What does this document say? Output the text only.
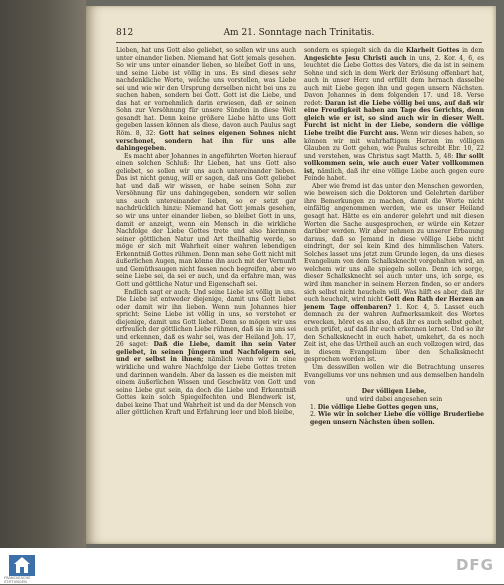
812	Am 21. Sonntage nach Trinitatis.

Lieben, hat uns Gott also geliebet, so sollen wir uns auch unter einander lieben. Niemand hat Gott jemals gesehen. So wir uns unter einander lieben, so bleibet Gott in uns, und seine Liebe ist völlig in uns. Es sind dieses sehr nachdenkliche Worte, welche uns vorstellen, was Liebe sei und wie wir den Ursprung derselben nicht bei uns zu suchen haben, sondern bei Gott. Gott ist die Liebe, und das hat er vornehmlich darin erwiesen, daß er seinen Sohn zur Versöhnung für unsere Sünden in diese Welt gesandt hat. Denn keine größere Liebe hätte uns Gott gegeben lassen können als diese, davon auch Paulus sagt Röm. 8, 32: Gott hat seines eigenen Sohnes nicht verschonet, sondern hat ihn für uns alle dahingegeben.

Es macht aber Johannes in angeführten Worten hierauf einen solchen Schluß: Ihr Lieben, hat uns Gott also geliebet, so sollen wir uns auch untereinander lieben. Das ist nicht genug, will er sagen, daß uns Gott geliebet hat und daß wir wissen, er habe seinen Sohn zur Versöhnung für uns dahingegeben, sondern wir sollen uns auch untereinander lieben, so er setzt gar nachdrücklich hinzu: Niemand hat Gott jemals gesehen, so wir uns unter einander lieben, so bleibet Gott in uns, damit er anzeigt, wenn ein Mensch in die wirkliche Nachfolge der Liebe Gottes trete und also hierinnen seiner göttlichen Natur und Art theilhaftig werde, so möge er sich mit Wahrheit einer wahren lebendigen Erkenntniß Gottes rühmen. Denn man sehe Gott nicht mit äußerlichen Augen, man könne ihn auch mit der Vernunft und Gemüthsaugen nicht fassen noch begreifen, aber wo seine Liebe sei, da sei er auch, und da erfahre man, was Gott und göttliche Natur und Eigenschaft sei.

Endlich sagt er auch: Und seine Liebe ist völlig in uns. Die Liebe ist entweder diejenige, damit uns Gott liebet oder damit wir ihn lieben. Wenn nun Johannes hier spricht: Seine Liebe ist völlig in uns, so verstehet er diejenige, damit uns Gott liebet. Denn so mögen wir uns erfreulich der göttlichen Liebe rühmen, daß sie in uns sei und erkennen, daß es wahr sei, was der Heiland Joh. 17, 26 saget: Daß die Liebe, damit ihn sein Vater geliebet, in seinen Jüngern und Nachfolgern sei, und er selbst in ihnen; nämlich wenn wir in eine wirkliche und wahre Nachfolge der Liebe Gottes treten und darinnen wandeln. Aber da lassen es die meisten mit einem äußerlichen Wissen und Geschwätz von Gott und seine Liebe gut sein, da doch die Liebe und Erkenntniß Gottes kein solch Spiegelfechten und Blendwerk ist, dabei keine That und Wahrheit ist und da der Mensch von aller göttlichen Kraft und Erfahrung leer und bloß bleibe,

sondern es spiegelt sich da die Klarheit Gottes in dem Angesichte Jesu Christi auch in uns, 2. Kor. 4, 6, es leuchtet die Liebe Gottes des Vaters, die da ist in seinem Sohne und sich in dem Werk der Erlösung offenbart hat, auch in unser Herz und erfüllt dem hernach dasselbe auch mit Liebe gegen ihn und gegen unsern Nächsten. Davon Johannes in dem folgenden 17. und 18. Verse redet: Daran ist die Liebe völlig bei uns, auf daß wir eine Freudigkeit haben am Tage des Gerichts, denn gleich wie er ist, so sind auch wir in dieser Welt. Furcht ist nicht in der Liebe, sondern die völlige Liebe treibt die Furcht aus. Wenn wir dieses haben, so können wir mit wahrhaftigem Herzen im völligen Glauben zu Gott gehen, wie Paulus schreibt Ebr. 10, 22 und verstehen, was Christus sagt Matth. 5, 48: Ihr sollt vollkommen sein, wie auch euer Vater vollkommen ist, nämlich, daß ihr eine völlige Liebe auch gegen eure Feinde habet.

Aber wie fremd ist das unter den Menschen geworden, wie beweisen sich die Doktoren und Gelehrten darüber ihre Bemerkungen zu machen, damit die Worte nicht einfältig angenommen werden, wie es unser Heiland gesagt hat. Hätte es ein anderer gelehrt und mit diesen Worten die Sache ausgesprochen, er würde ein Ketzer darüber werden. Wir aber nehmen zu unserer Erbauung daraus, daß so Jemand in diese völlige Liebe nicht eindringt, der sei kein Kind des himmlischen Vaters. Solches lasset uns jetzt zum Grunde legen, da uns dieses Evangelium von dem Schalksknecht vorgehalten wird, an welchem wir uns alle spiegeln sollen. Denn ich sorge, dieser Schalksknecht sei auch unter uns, ich sorge, es wird ihm mancher in seinem Herzen finden, so er anders sich selbst nicht heucheln will. Was hilft es aber, daß ihr euch heuchelt, wird nicht Gott den Rath der Herzen an jenem Tage offenbaren? 1. Kor. 4, 5. Lasset euch demnach zu der wahren Aufmerksamkeit des Wortes erwecken, höret es an also, daß ihr es auch selbst gehet, euch prüfet, auf daß ihr euch erkennen lernet. Und so ihr den Schalksknecht in euch habet, umkehrt, da es noch Zeit ist, ehe das Urtheil auch an euch vollzogen wird, das in diesem Evangelium über den Schalksknecht gesprochen worden ist.

Um desswillen wollen wir die Betrachtung unseres Evangeliums vor uns nehmen und aus demselben handeln von

Der völligen Liebe,

und wird dabei angesehen sein

1. Die völlige Liebe Gottes gegen uns,

2. Wie wir in solcher Liebe die völlige Bruderliebe gegen unsern Nächsten üben sollen.

FRANCKESCHE STIFTUNGEN
DFG
